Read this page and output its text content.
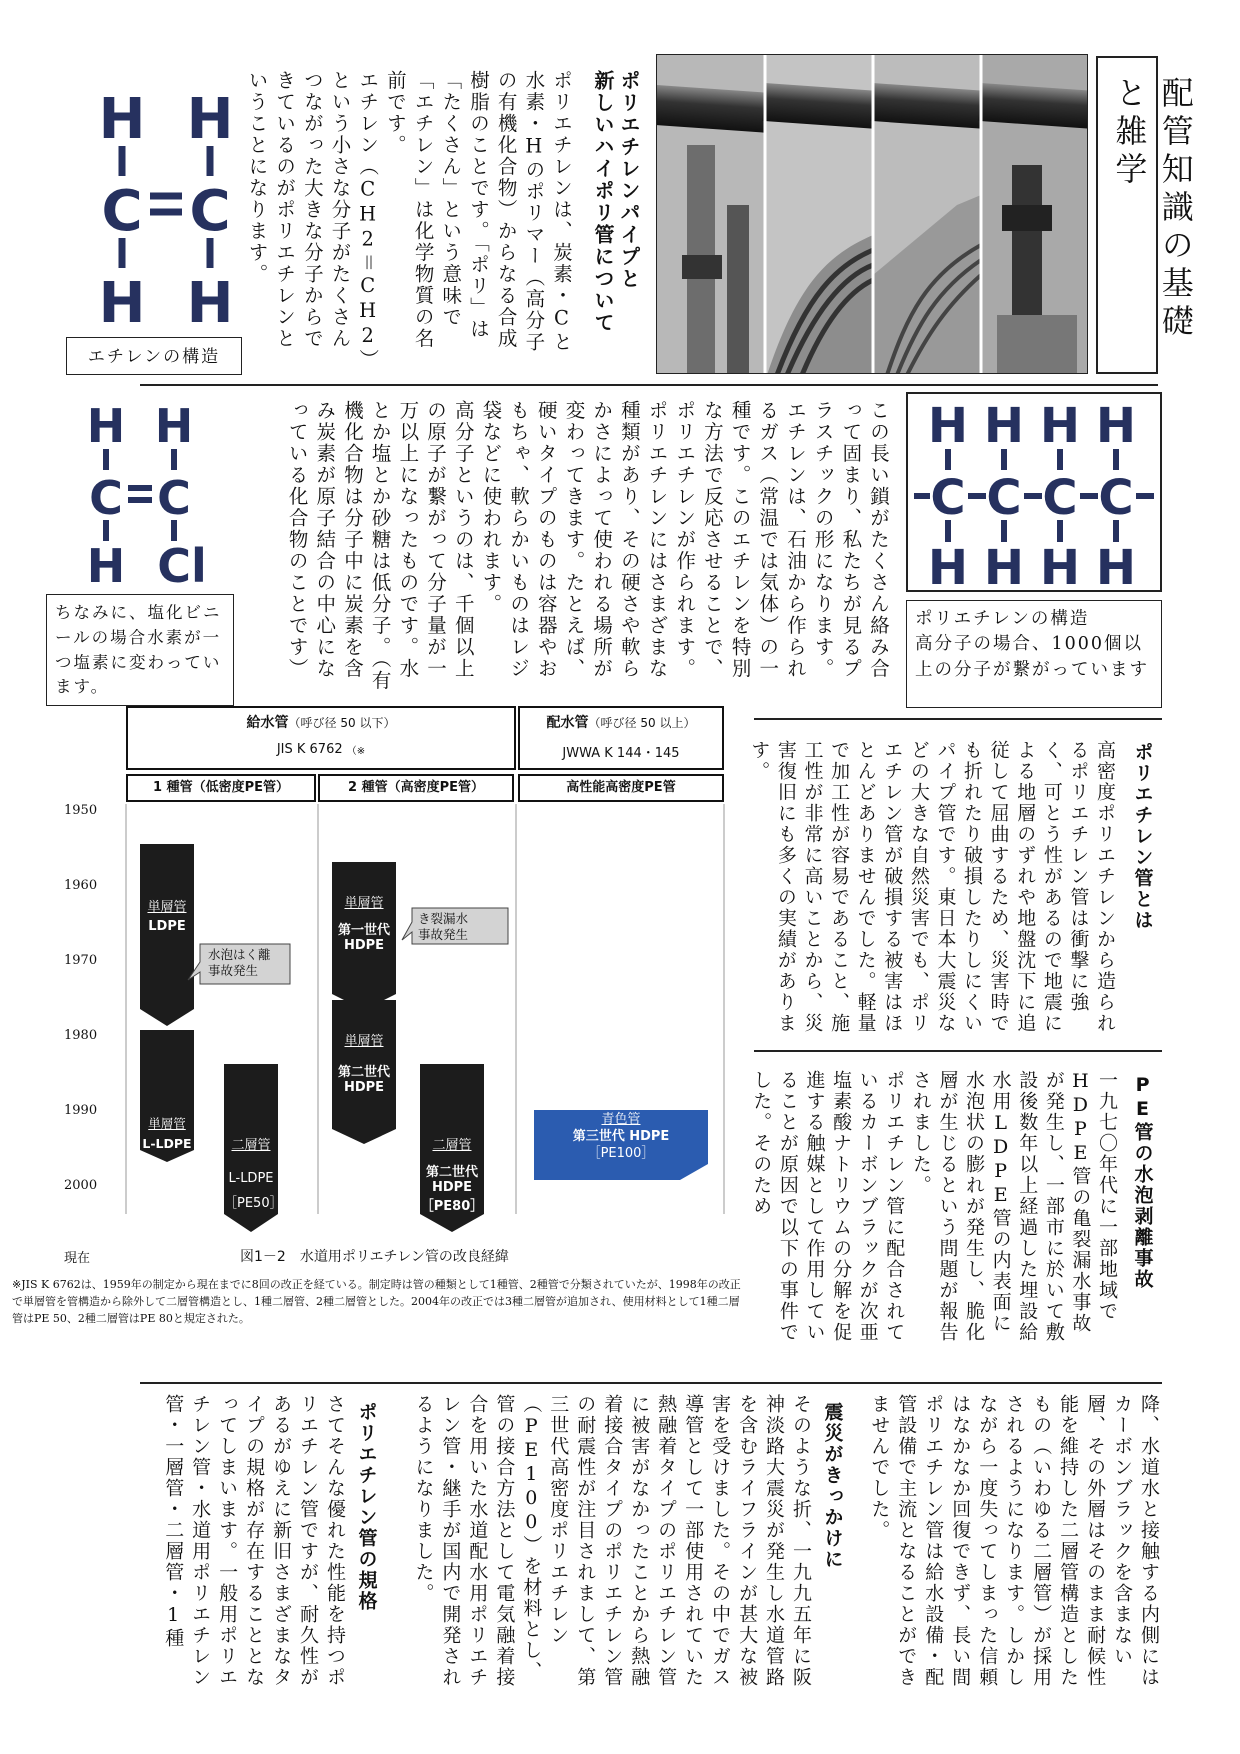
配管知識の基礎と雑学
ポリエチレンパイプと
新しいハイポリ管について
ポリエチレンは、炭素・Cと水素・Hのポリマー（高分子の有機化合物）からなる合成樹脂のことです。「ポリ」は「たくさん」という意味で「エチレン」は化学物質の名前です。
エチレン（CH2＝CH2）という小さな分子がたくさんつながった大きな分子からできているのがポリエチレンということになります。
H H
C C
H H
エチレンの構造
H H H H
C C C C
H H H H
ポリエチレンの構造
高分子の場合、1000個以上の分子が繋がっています
この長い鎖がたくさん絡み合って固まり、私たちが見るプラスチックの形になります。
エチレンは、石油から作られるガス（常温では気体）の一種です。このエチレンを特別な方法で反応させることで、ポリエチレンが作られます。
ポリエチレンにはさまざまな種類があり、その硬さや軟らかさによって使われる場所が変わってきます。たとえば、硬いタイプのものは容器やおもちゃ、軟らかいものはレジ袋などに使われます。
高分子というのは、千個以上の原子が繋がって分子量が一万以上になったものです。水とか塩とか砂糖は低分子。（有機化合物は分子中に炭素を含み炭素が原子結合の中心になっている化合物のことです）
H H
C C
H Cl
ちなみに、塩化ビニールの場合水素が一つ塩素に変わっています。
給水管（呼び径 50 以下）
JIS K 6762 （※
配水管（呼び径 50 以上）
JWWA K 144・145
1 種管（低密度PE管）	2 種管（高密度PE管）	高性能高密度PE管
1950
1960
1970
1980
1990
2000
現在
単層管
LDPE
単層管
L-LDPE	二層管
L-LDPE
［PE50］
単層管
第一世代
HDPE
単層管
第二世代
HDPE
二層管
第二世代
HDPE
［PE80］
青色管
第三世代 HDPE
［PE100］
水泡はく離
事故発生
き裂漏水
事故発生
図1－2　水道用ポリエチレン管の改良経緯
※JIS K 6762は、1959年の制定から現在までに8回の改正を経ている。制定時は管の種類として1種管、2種管で分類されていたが、1998年の改正で単層管を管構造から除外して二層管構造とし、1種二層管、2種二層管とした。2004年の改正では3種二層管が追加され、使用材料として1種二層管はPE 50、2種二層管はPE 80と規定された。
ポリエチレン管とは
高密度ポリエチレンから造られるポリエチレン管は衝撃に強く、可とう性があるので地震による地層のずれや地盤沈下に追従して屈曲するため、災害時でも折れたり破損したりしにくいパイプ管です。東日本大震災などの大きな自然災害でも、ポリエチレン管が破損する被害はほとんどありませんでした。軽量で加工性が容易であること、施工性が非常に高いことから、災害復旧にも多くの実績があります。
PE管の水泡剥離事故
一九七〇年代に一部地域でHDPE管の亀裂漏水事故が発生し、一部市に於いて敷設後数年以上経過した埋設給水用LDPE管の内表面に水泡状の膨れが発生し、脆化層が生じるという問題が報告されました。
ポリエチレン管に配合されているカーボンブラックが次亜塩素酸ナトリウムの分解を促進する触媒として作用していることが原因で以下の事件でした。そのため
降、水道水と接触する内側にはカーボンブラックを含まない層、その外層はそのまま耐候性能を維持した二層管構造としたもの（いわゆる二層管）が採用されるようになります。しかしながら一度失ってしまった信頼はなかなか回復できず、長い間ポリエチレン管は給水設備・配管設備で主流となることができませんでした。
震災がきっかけに
そのような折、一九九五年に阪神淡路大震災が発生し水道管路を含むライフラインが甚大な被害を受けました。その中でガス導管として一部使用されていた熱融着タイプのポリエチレン管に被害がなかったことから熱融着接合タイプのポリエチレン管の耐震性が注目されまして、第三世代高密度ポリエチレン（PE100）を材料とし、管の接合方法として電気融着接合を用いた水道配水用ポリエチレン管・継手が国内で開発されるようになりました。
ポリエチレン管の規格
さてそんな優れた性能を持つポリエチレン管ですが、耐久性があるがゆえに新旧さまざまなタイプの規格が存在することとなってしまいます。一般用ポリエチレン管・水道用ポリエチレン管・一層管・二層管・1種
